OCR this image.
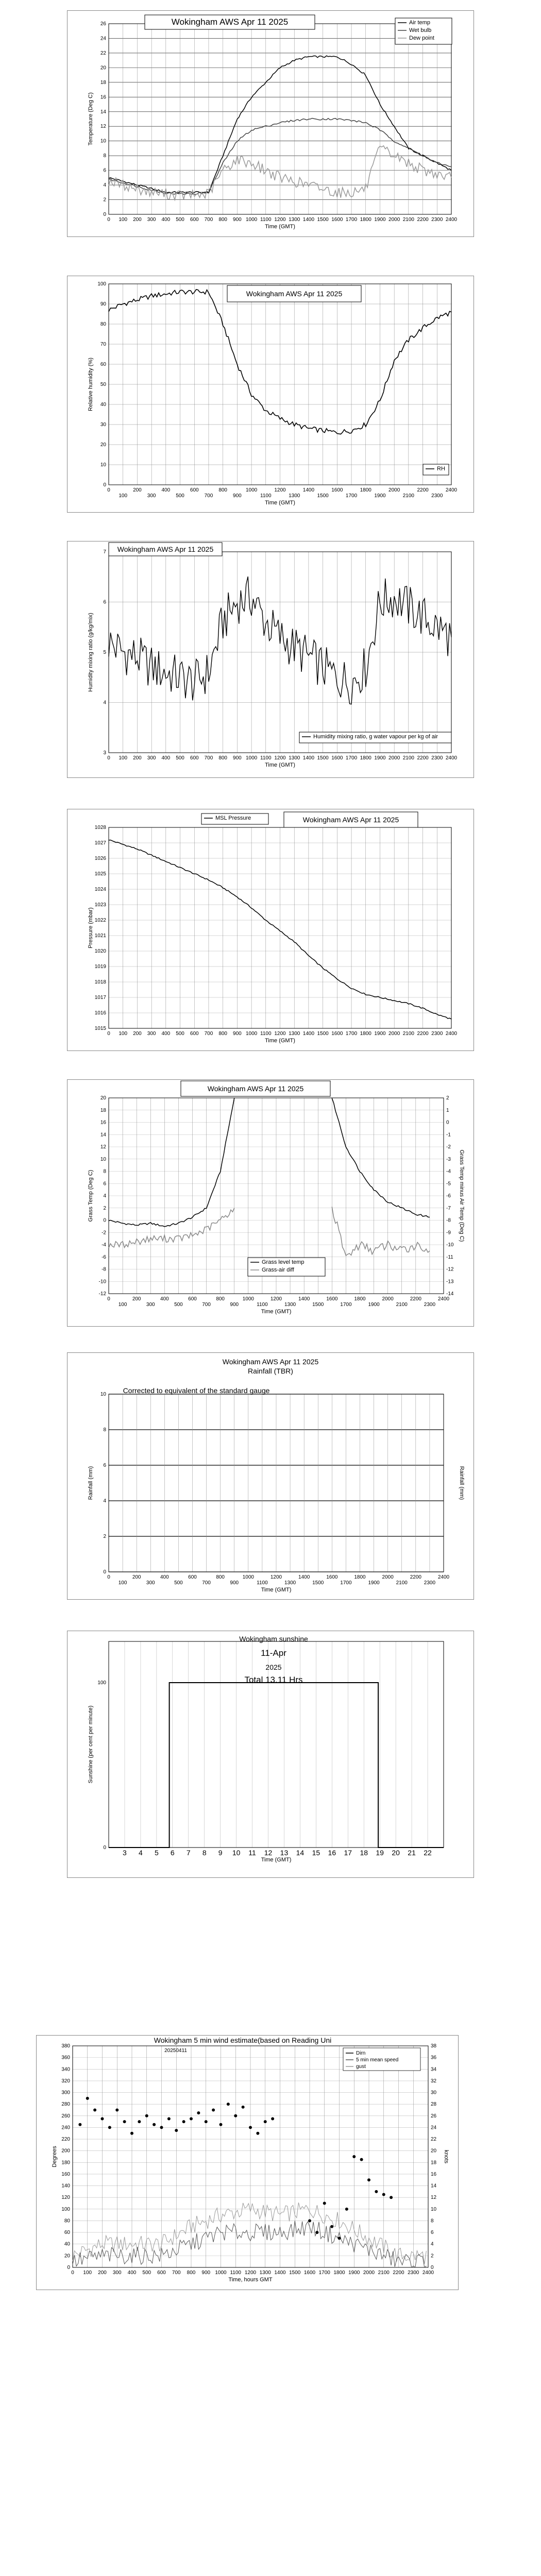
0
2
4
6
8
10
12
14
16
18
20
22
24
26
0 100 200 300 400 500 600 700 800 900 1000 1100 1200 1300 1400 1500 1600 1700 1800 1900 2000 2100 2200 2300 2400
Time (GMT)
Temperature (Deg C)
Wokingham AWS Apr 11 2025	Air temp
Wet bulb
Dew point
0
10
20
30
40
50
60
70
80
90
100
0	200	400	600	800	1000	1200	1400	1600	1800	2000	2200	2400
100	300	500	700	900	1100	1300	1500	1700	1900	2100	2300
Time (GMT)
Relative humidity (%)
Wokingham AWS Apr 11 2025
RH
3
4
5
6
7
0 100 200 300 400 500 600 700 800 900 1000 1100 1200 1300 1400 1500 1600 1700 1800 1900 2000 2100 2200 2300 2400
Time (GMT)
Humidity mixing ratio (g/kg/mix)
Wokingham AWS Apr 11 2025
Humidity mixing ratio, g water vapour per kg of air
1015
1016
1017
1018
1019
1020
1021
1022
1023
1024
1025
1026
1027
1028
0 100 200 300 400 500 600 700 800 900 1000 1100 1200 1300 1400 1500 1600 1700 1800 1900 2000 2100 2200 2300 2400
Time (GMT)
Pressure (mbar)
MSL Pressure	Wokingham AWS Apr 11 2025
-12
-10
-8
-6
-4
-2
0
2
4
6
8
10
12
14
16
18
20
-14
-13
-12
-11
-10
-9
-8
-7
-6
-5
-4
-3
-2
-1
0
1
2
0	200	400	600	800	1000	1200	1400	1600	1800	2000	2200	2400
100	300	500	700	900	1100	1300	1500	1700	1900	2100	2300
Time (GMT)
Grass Temp (Deg C)	Grass Temp minus Air Temp (Deg C)
Wokingham AWS Apr 11 2025
Grass level temp
Grass-air diff
0
2
4
6
8
10
0	200	400	600	800	1000	1200	1400	1600	1800	2000	2200	2400
100	300	500	700	900	1100	1300	1500	1700	1900	2100	2300
Time (GMT)
Rainfall (mm)	Rainfall (mm)
Wokingham AWS Apr 11 2025
Rainfall (TBR)
Corrected to equivalent of the standard gauge
0
100
3 4 5 6 7 8 9 10 11 12 13 14 15 16 17 18 19 20 21 22
Time (GMT)
Sunshine (per cent per minute)
Wokingham sunshine
11-Apr
2025
Total 13.11 Hrs
0
20
40
60
80
100
120
140
160
180
200
220
240
260
280
300
320
340
360
380
0
2
4
6
8
10
12
14
16
18
20
22
24
26
28
30
32
34
36
38
0 100 200 300 400 500 600 700 800 900 1000 1100 1200 1300 1400 1500 1600 1700 1800 1900 2000 2100 2200 2300 2400
Wokingham 5 min wind estimate(based on Reading Uni
20250411	Dirn
5 min mean speed
gust
Time, hours GMT
Degrees	knots
